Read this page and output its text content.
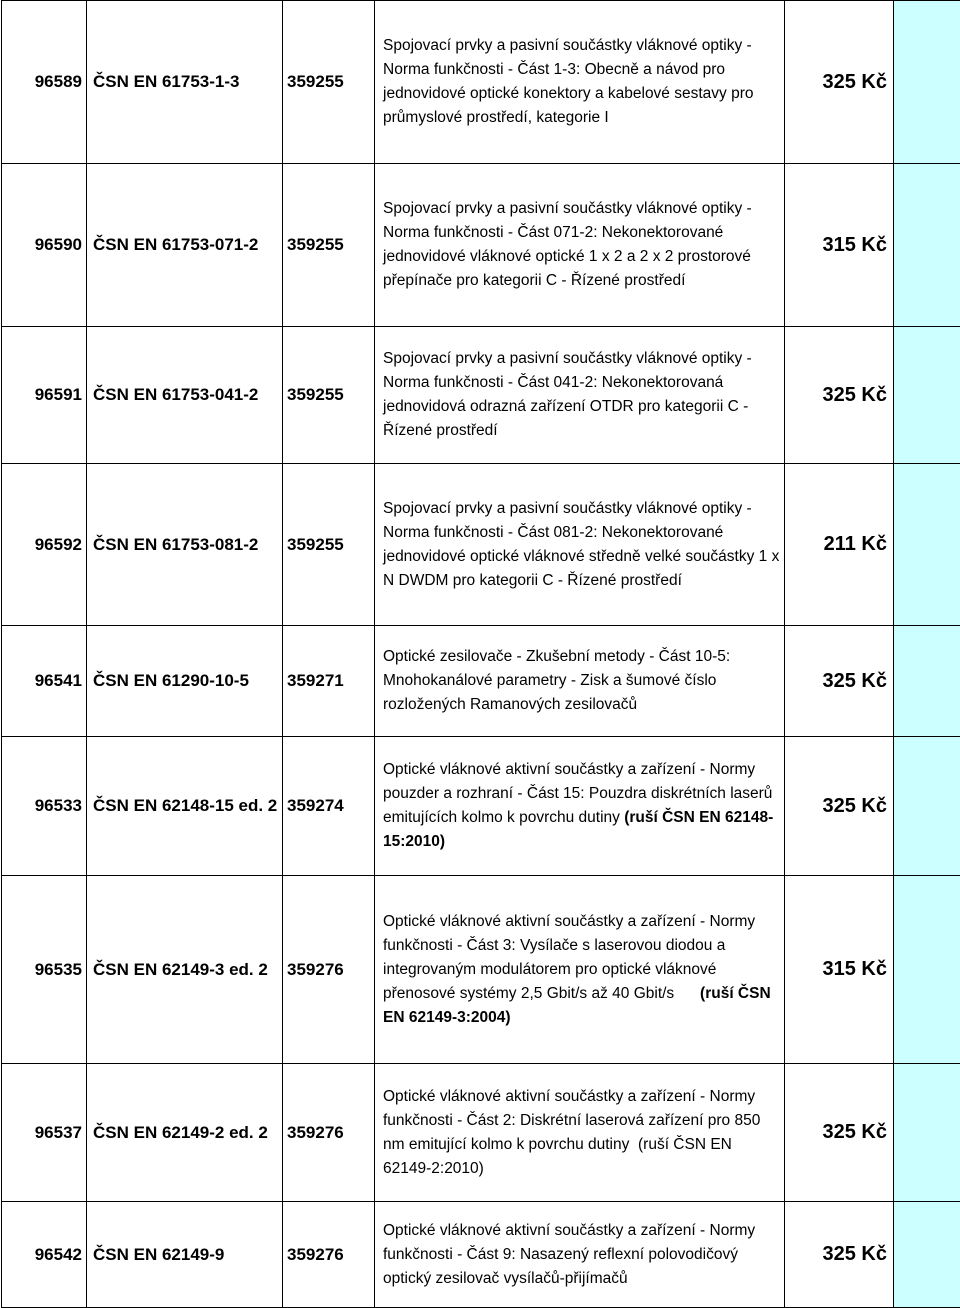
96589	ČSN EN 61753-1-3	359255	Spojovací prvky a pasivní součástky vláknové optiky - Norma funkčnosti - Část 1-3: Obecně a návod pro jednovidové optické konektory a kabelové sestavy pro průmyslové prostředí, kategorie I	325 Kč	
96590	ČSN EN 61753-071-2	359255	Spojovací prvky a pasivní součástky vláknové optiky - Norma funkčnosti - Část 071-2: Nekonektorované jednovidové vláknové optické 1 x 2 a 2 x 2 prostorové přepínače pro kategorii C - Řízené prostředí	315 Kč	
96591	ČSN EN 61753-041-2	359255	Spojovací prvky a pasivní součástky vláknové optiky - Norma funkčnosti - Část 041-2: Nekonektorovaná jednovidová odrazná zařízení OTDR pro kategorii C - Řízené prostředí	325 Kč	
96592	ČSN EN 61753-081-2	359255	Spojovací prvky a pasivní součástky vláknové optiky - Norma funkčnosti - Část 081-2: Nekonektorované jednovidové optické vláknové středně velké součástky 1 x N DWDM pro kategorii C - Řízené prostředí	211 Kč	
96541	ČSN EN 61290-10-5	359271	Optické zesilovače - Zkušební metody - Část 10-5: Mnohokanálové parametry - Zisk a šumové číslo rozložených Ramanových zesilovačů	325 Kč	
96533	ČSN EN 62148-15 ed. 2	359274	Optické vláknové aktivní součástky a zařízení - Normy pouzder a rozhraní - Část 15: Pouzdra diskrétních laserů emitujících kolmo k povrchu dutiny (ruší ČSN EN 62148-15:2010)	325 Kč	
96535	ČSN EN 62149-3 ed. 2	359276	Optické vláknové aktivní součástky a zařízení - Normy funkčnosti - Část 3: Vysílače s laserovou diodou a integrovaným modulátorem pro optické vláknové přenosové systémy 2,5 Gbit/s až 40 Gbit/s (ruší ČSN EN 62149-3:2004)	315 Kč	
96537	ČSN EN 62149-2 ed. 2	359276	Optické vláknové aktivní součástky a zařízení - Normy funkčnosti - Část 2: Diskrétní laserová zařízení pro 850 nm emitující kolmo k povrchu dutiny (ruší ČSN EN 62149-2:2010)	325 Kč	
96542	ČSN EN 62149-9	359276	Optické vláknové aktivní součástky a zařízení - Normy funkčnosti - Část 9: Nasazený reflexní polovodičový optický zesilovač vysílačů-přijímačů	325 Kč	
